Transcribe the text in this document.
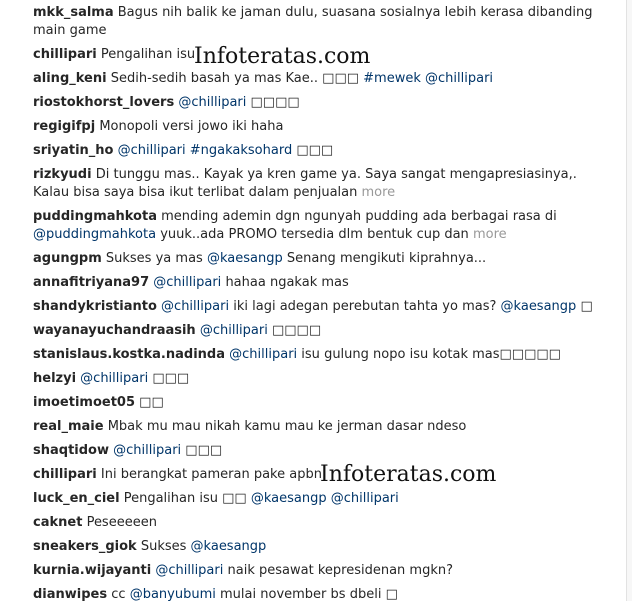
mkk_salma Bagus nih balik ke jaman dulu, suasana sosialnya lebih kerasa dibanding main game
chillipari Pengalihan isu
aling_keni Sedih-sedih basah ya mas Kae.. □□□ #mewek @chillipari
riostokhorst_lovers @chillipari □□□□
regigifpj Monopoli versi jowo iki haha
sriyatin_ho @chillipari #ngakaksohard □□□
rizkyudi Di tunggu mas.. Kayak ya kren game ya. Saya sangat mengapresiasinya,. Kalau bisa saya bisa ikut terlibat dalam penjualan more
puddingmahkota mending ademin dgn ngunyah pudding ada berbagai rasa di @puddingmahkota yuuk..ada PROMO tersedia dlm bentuk cup dan more
agungpm Sukses ya mas @kaesangp Senang mengikuti kiprahnya...
annafitriyana97 @chillipari hahaa ngakak mas
shandykristianto @chillipari iki lagi adegan perebutan tahta yo mas? @kaesangp □
wayanayuchandraasih @chillipari □□□□
stanislaus.kostka.nadinda @chillipari isu gulung nopo isu kotak mas□□□□□
helzyi @chillipari □□□
imoetimoet05 □□
real_maie Mbak mu mau nikah kamu mau ke jerman dasar ndeso
shaqtidow @chillipari □□□
chillipari Ini berangkat pameran pake apbn
luck_en_ciel Pengalihan isu □□ @kaesangp @chillipari
caknet Peseeeeen
sneakers_giok Sukses @kaesangp
kurnia.wijayanti @chillipari naik pesawat kepresidenan mgkn?
dianwipes cc @banyubumi mulai november bs dbeli □
Infoteratas.com
Infoteratas.com
